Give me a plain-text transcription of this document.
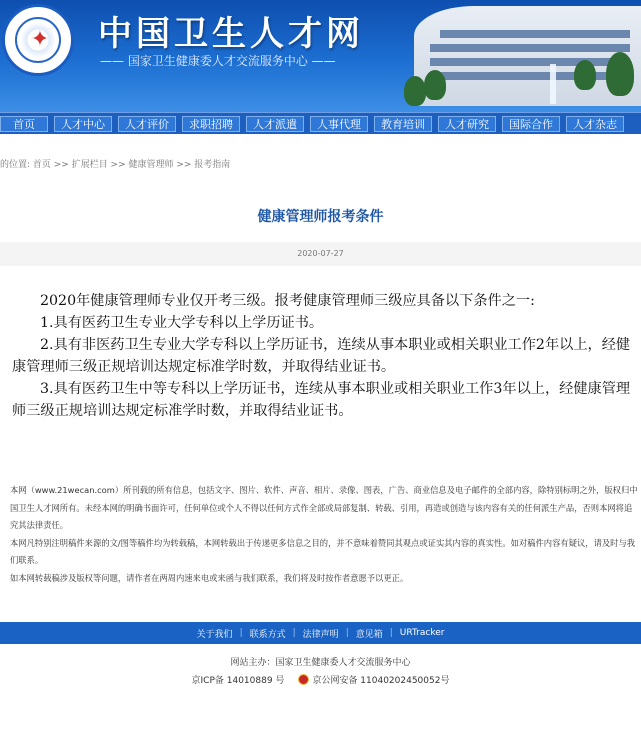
✦	中国卫生人才网
—— 国家卫生健康委人才交流服务中心 ——
首页	人才中心	人才评价	求职招聘	人才派遣	人事代理	教育培训	人才研究	国际合作	人才杂志
的位置: 首页 >> 扩展栏目 >> 健康管理师 >> 报考指南
健康管理师报考条件
2020-07-27

2020年健康管理师专业仅开考三级。报考健康管理师三级应具备以下条件之一:

1.具有医药卫生专业大学专科以上学历证书。

2.具有非医药卫生专业大学专科以上学历证书，连续从事本职业或相关职业工作2年以上，经健康管理师三级正规培训达规定标准学时数，并取得结业证书。

3.具有医药卫生中等专科以上学历证书，连续从事本职业或相关职业工作3年以上，经健康管理师三级正规培训达规定标准学时数，并取得结业证书。

本网（www.21wecan.com）所刊载的所有信息，包括文字、图片、软件、声音、相片、录像、图表，广告、商业信息及电子邮件的全部内容，除特别标明之外，版权归中国卫生人才网所有。未经本网的明确书面许可，任何单位或个人不得以任何方式作全部或局部复制、转载、引用，再造或创造与该内容有关的任何派生产品，否则本网将追究其法律责任。

本网凡特别注明稿件来源的文/图等稿件均为转载稿，本网转载出于传递更多信息之目的，并不意味着赞同其观点或证实其内容的真实性。如对稿件内容有疑议，请及时与我们联系。

如本网转载稿涉及版权等问题，请作者在两周内速来电或来函与我们联系，我们将及时按作者意愿予以更正。

关于我们 | 联系方式 | 法律声明 | 意见箱 | URTracker
网站主办：国家卫生健康委人才交流服务中心
京ICP备 14010889 号	京公网安备 11040202450052号
